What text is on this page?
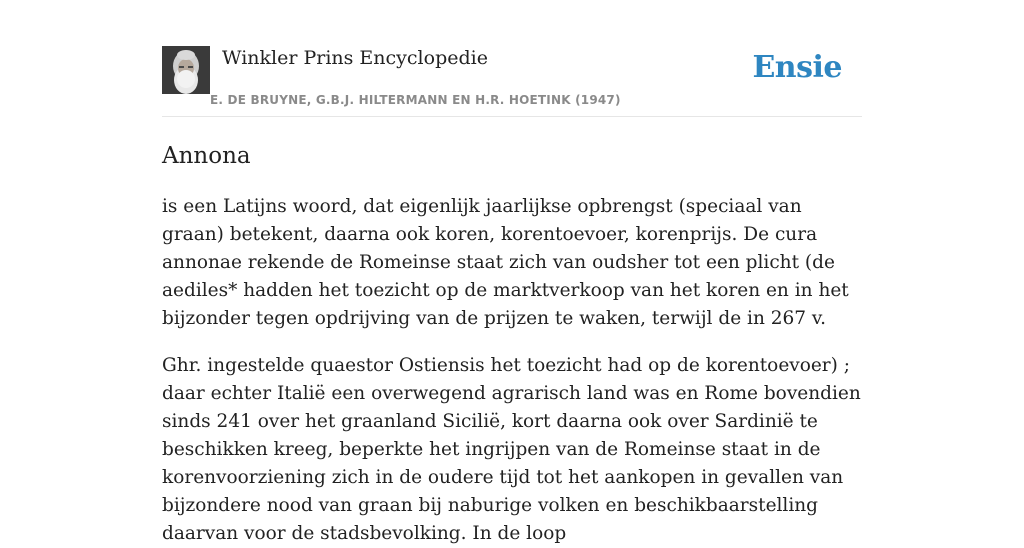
Winkler Prins Encyclopedie
E. DE BRUYNE, G.B.J. HILTERMANN EN H.R. HOETINK (1947)
Ensie
Annona

is een Latijns woord, dat eigenlijk jaarlijkse opbrengst (speciaal van graan) betekent, daarna ook koren, korentoevoer, korenprijs. De cura annonae rekende de Romeinse staat zich van oudsher tot een plicht (de aediles* hadden het toezicht op de marktverkoop van het koren en in het bijzonder tegen opdrijving van de prijzen te waken, terwijl de in 267 v.

Ghr. ingestelde quaestor Ostiensis het toezicht had op de korentoevoer) ; daar echter Italië een overwegend agrarisch land was en Rome bovendien sinds 241 over het graanland Sicilië, kort daarna ook over Sardinië te beschikken kreeg, beperkte het ingrijpen van de Romeinse staat in de korenvoorziening zich in de oudere tijd tot het aankopen in gevallen van bijzondere nood van graan bij naburige volken en beschikbaarstelling daarvan voor de stadsbevolking. In de loop
